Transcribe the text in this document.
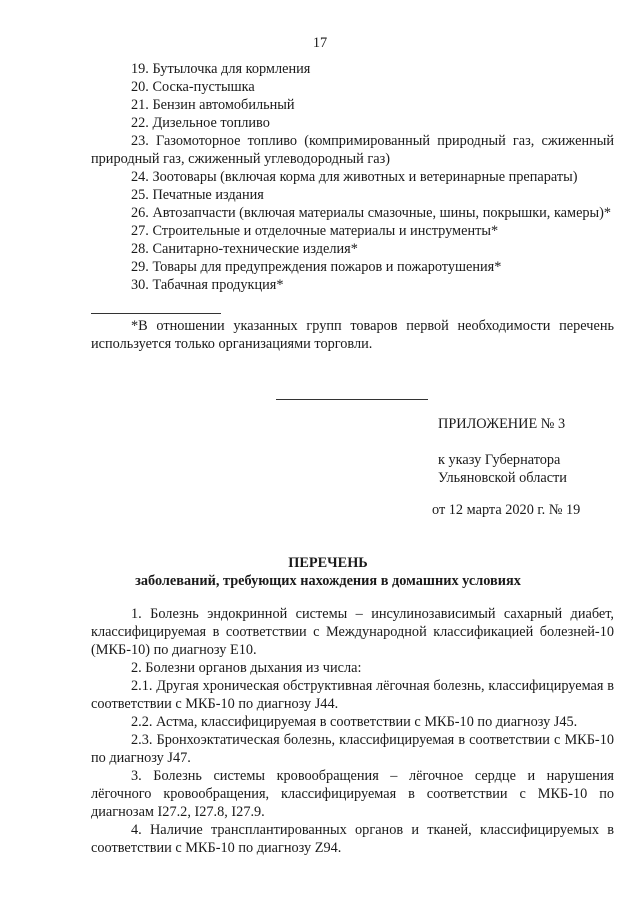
17

19. Бутылочка для кормления

20. Соска-пустышка

21. Бензин автомобильный

22. Дизельное топливо

23. Газомоторное топливо (компримированный природный газ, сжиженный природный газ, сжиженный углеводородный газ)

24. Зоотовары (включая корма для животных и ветеринарные препараты)

25. Печатные издания

26. Автозапчасти (включая материалы смазочные, шины, покрышки, камеры)*

27. Строительные и отделочные материалы и инструменты*

28. Санитарно-технические изделия*

29. Товары для предупреждения пожаров и пожаротушения*

30. Табачная продукция*

*В отношении указанных групп товаров первой необходимости перечень используется только организациями торговли.
ПРИЛОЖЕНИЕ № 3
к указу Губернатора
Ульяновской области
от 12 марта 2020 г. № 19
ПЕРЕЧЕНЬ
заболеваний, требующих нахождения в домашних условиях

1. Болезнь эндокринной системы – инсулинозависимый сахарный диабет, классифицируемая в соответствии с Международной классификацией болезней-10 (МКБ-10) по диагнозу Е10.

2. Болезни органов дыхания из числа:

2.1. Другая хроническая обструктивная лёгочная болезнь, классифицируемая в соответствии с МКБ-10 по диагнозу J44.

2.2. Астма, классифицируемая в соответствии с МКБ-10 по диагнозу J45.

2.3. Бронхоэктатическая болезнь, классифицируемая в соответствии с МКБ-10 по диагнозу J47.

3. Болезнь системы кровообращения – лёгочное сердце и нарушения лёгочного кровообращения, классифицируемая в соответствии с МКБ-10 по диагнозам I27.2, I27.8, I27.9.

4. Наличие трансплантированных органов и тканей, классифицируемых в соответствии с МКБ-10 по диагнозу Z94.
